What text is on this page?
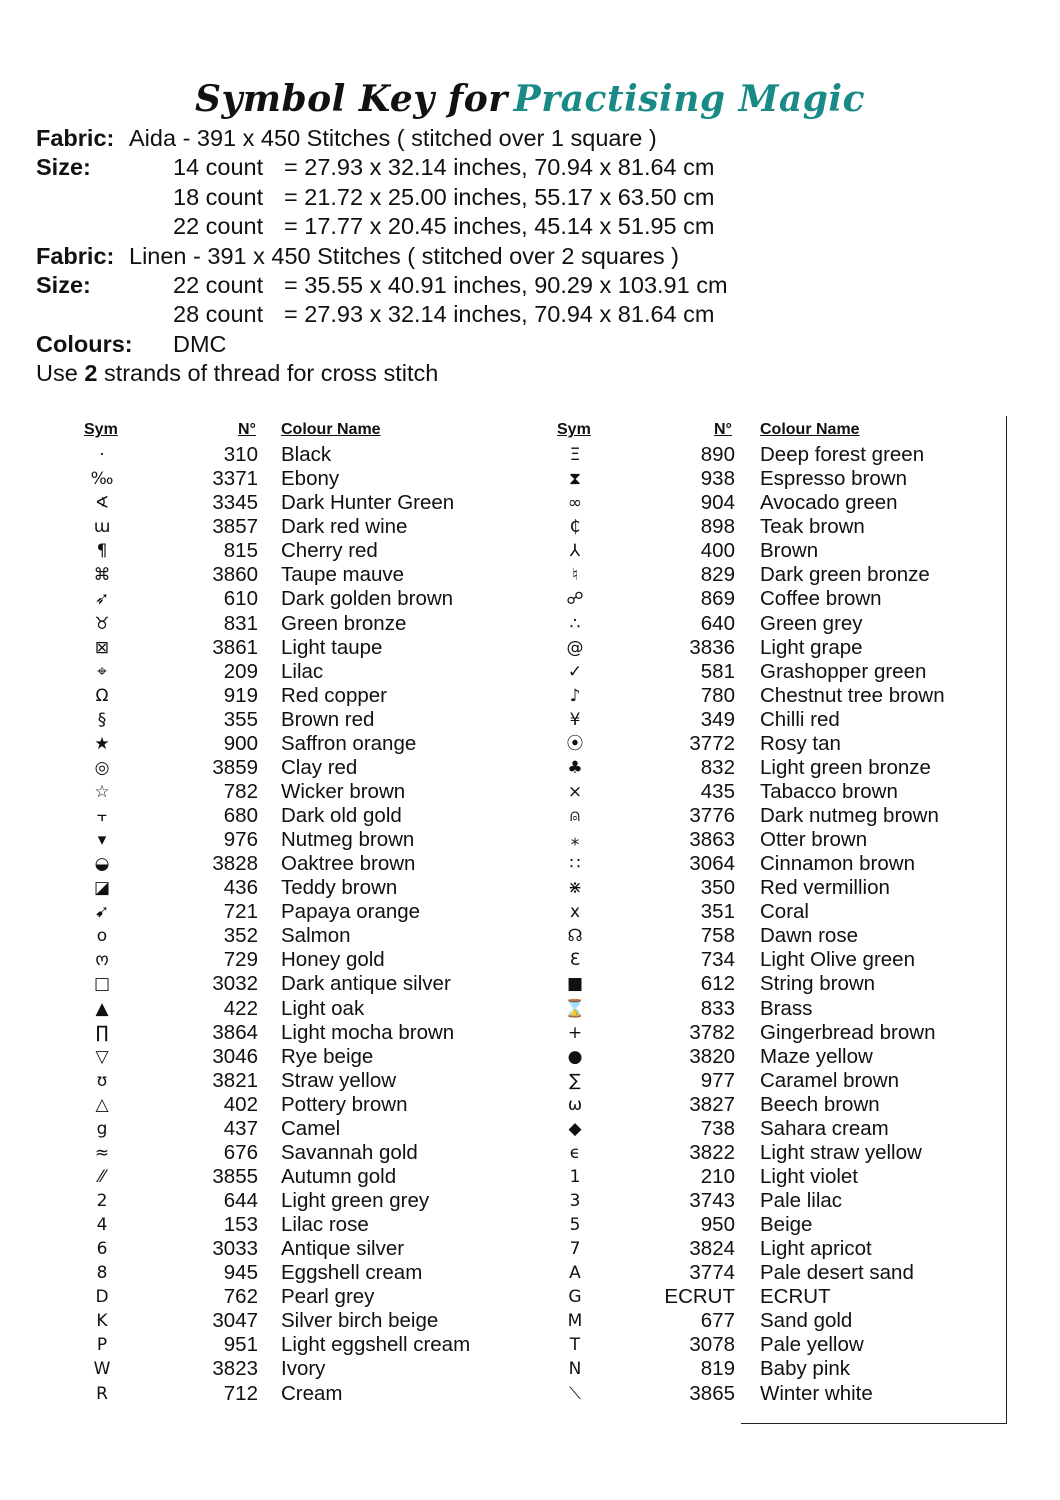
Symbol Key for Practising Magic
Fabric: Aida - 391 x 450 Stitches ( stitched over 1 square )
Size:	14 count = 27.93 x 32.14 inches, 70.94 x 81.64 cm
18 count = 21.72 x 25.00 inches, 55.17 x 63.50 cm
22 count = 17.77 x 20.45 inches, 45.14 x 51.95 cm
Fabric: Linen - 391 x 450 Stitches ( stitched over 2 squares )
Size:	22 count = 35.55 x 40.91 inches, 90.29 x 103.91 cm
28 count = 27.93 x 32.14 inches, 70.94 x 81.64 cm
Colours: DMC
Use 2 strands of thread for cross stitch
Sym	N° Colour Name
·	310 Black
‰	3371 Ebony
∢	3345 Dark Hunter Green
ɯ	3857 Dark red wine
¶	815 Cherry red
⌘	3860 Taupe mauve
➶	610 Dark golden brown
♉	831 Green bronze
⊠	3861 Light taupe
⌖	209 Lilac
Ω	919 Red copper
§	355 Brown red
★	900 Saffron orange
◎	3859 Clay red
☆	782 Wicker brown
⫟	680 Dark old gold
▾	976 Nutmeg brown
◒	3828 Oaktree brown
◪	436 Teddy brown
➹	721 Papaya orange
o	352 Salmon
ო	729 Honey gold
□	3032 Dark antique silver
▲	422 Light oak
∏	3864 Light mocha brown
▽	3046 Rye beige
ʊ	3821 Straw yellow
△	402 Pottery brown
g	437 Camel
≈	676 Savannah gold
⁄⁄	3855 Autumn gold
2	644 Light green grey
4	153 Lilac rose
6	3033 Antique silver
8	945 Eggshell cream
D	762 Pearl grey
K	3047 Silver birch beige
P	951 Light eggshell cream
W	3823 Ivory
R	712 Cream
Sym	N° Colour Name
Ξ	890 Deep forest green
⧗	938 Espresso brown
∞	904 Avocado green
₵	898 Teak brown
⅄	400 Brown
♮	829 Dark green bronze
☍	869 Coffee brown
∴	640 Green grey
@	3836 Light grape
✓	581 Grashopper green
♪	780 Chestnut tree brown
¥	349 Chilli red
⦿	3772 Rosy tan
♣	832 Light green bronze
⨯	435 Tabacco brown
⍝	3776 Dark nutmeg brown
⁎	3863 Otter brown
∷	3064 Cinnamon brown
⋇	350 Red vermillion
x	351 Coral
☊	758 Dawn rose
Ɛ	734 Light Olive green
■	612 String brown
⌛	833 Brass
+	3782 Gingerbread brown
●	3820 Maze yellow
∑	977 Caramel brown
ω	3827 Beech brown
◆	738 Sahara cream
ϵ	3822 Light straw yellow
1	210 Light violet
3	3743 Pale lilac
5	950 Beige
7	3824 Light apricot
A	3774 Pale desert sand
G	ECRUT ECRUT
M	677 Sand gold
T	3078 Pale yellow
N	819 Baby pink
⟍	3865 Winter white
